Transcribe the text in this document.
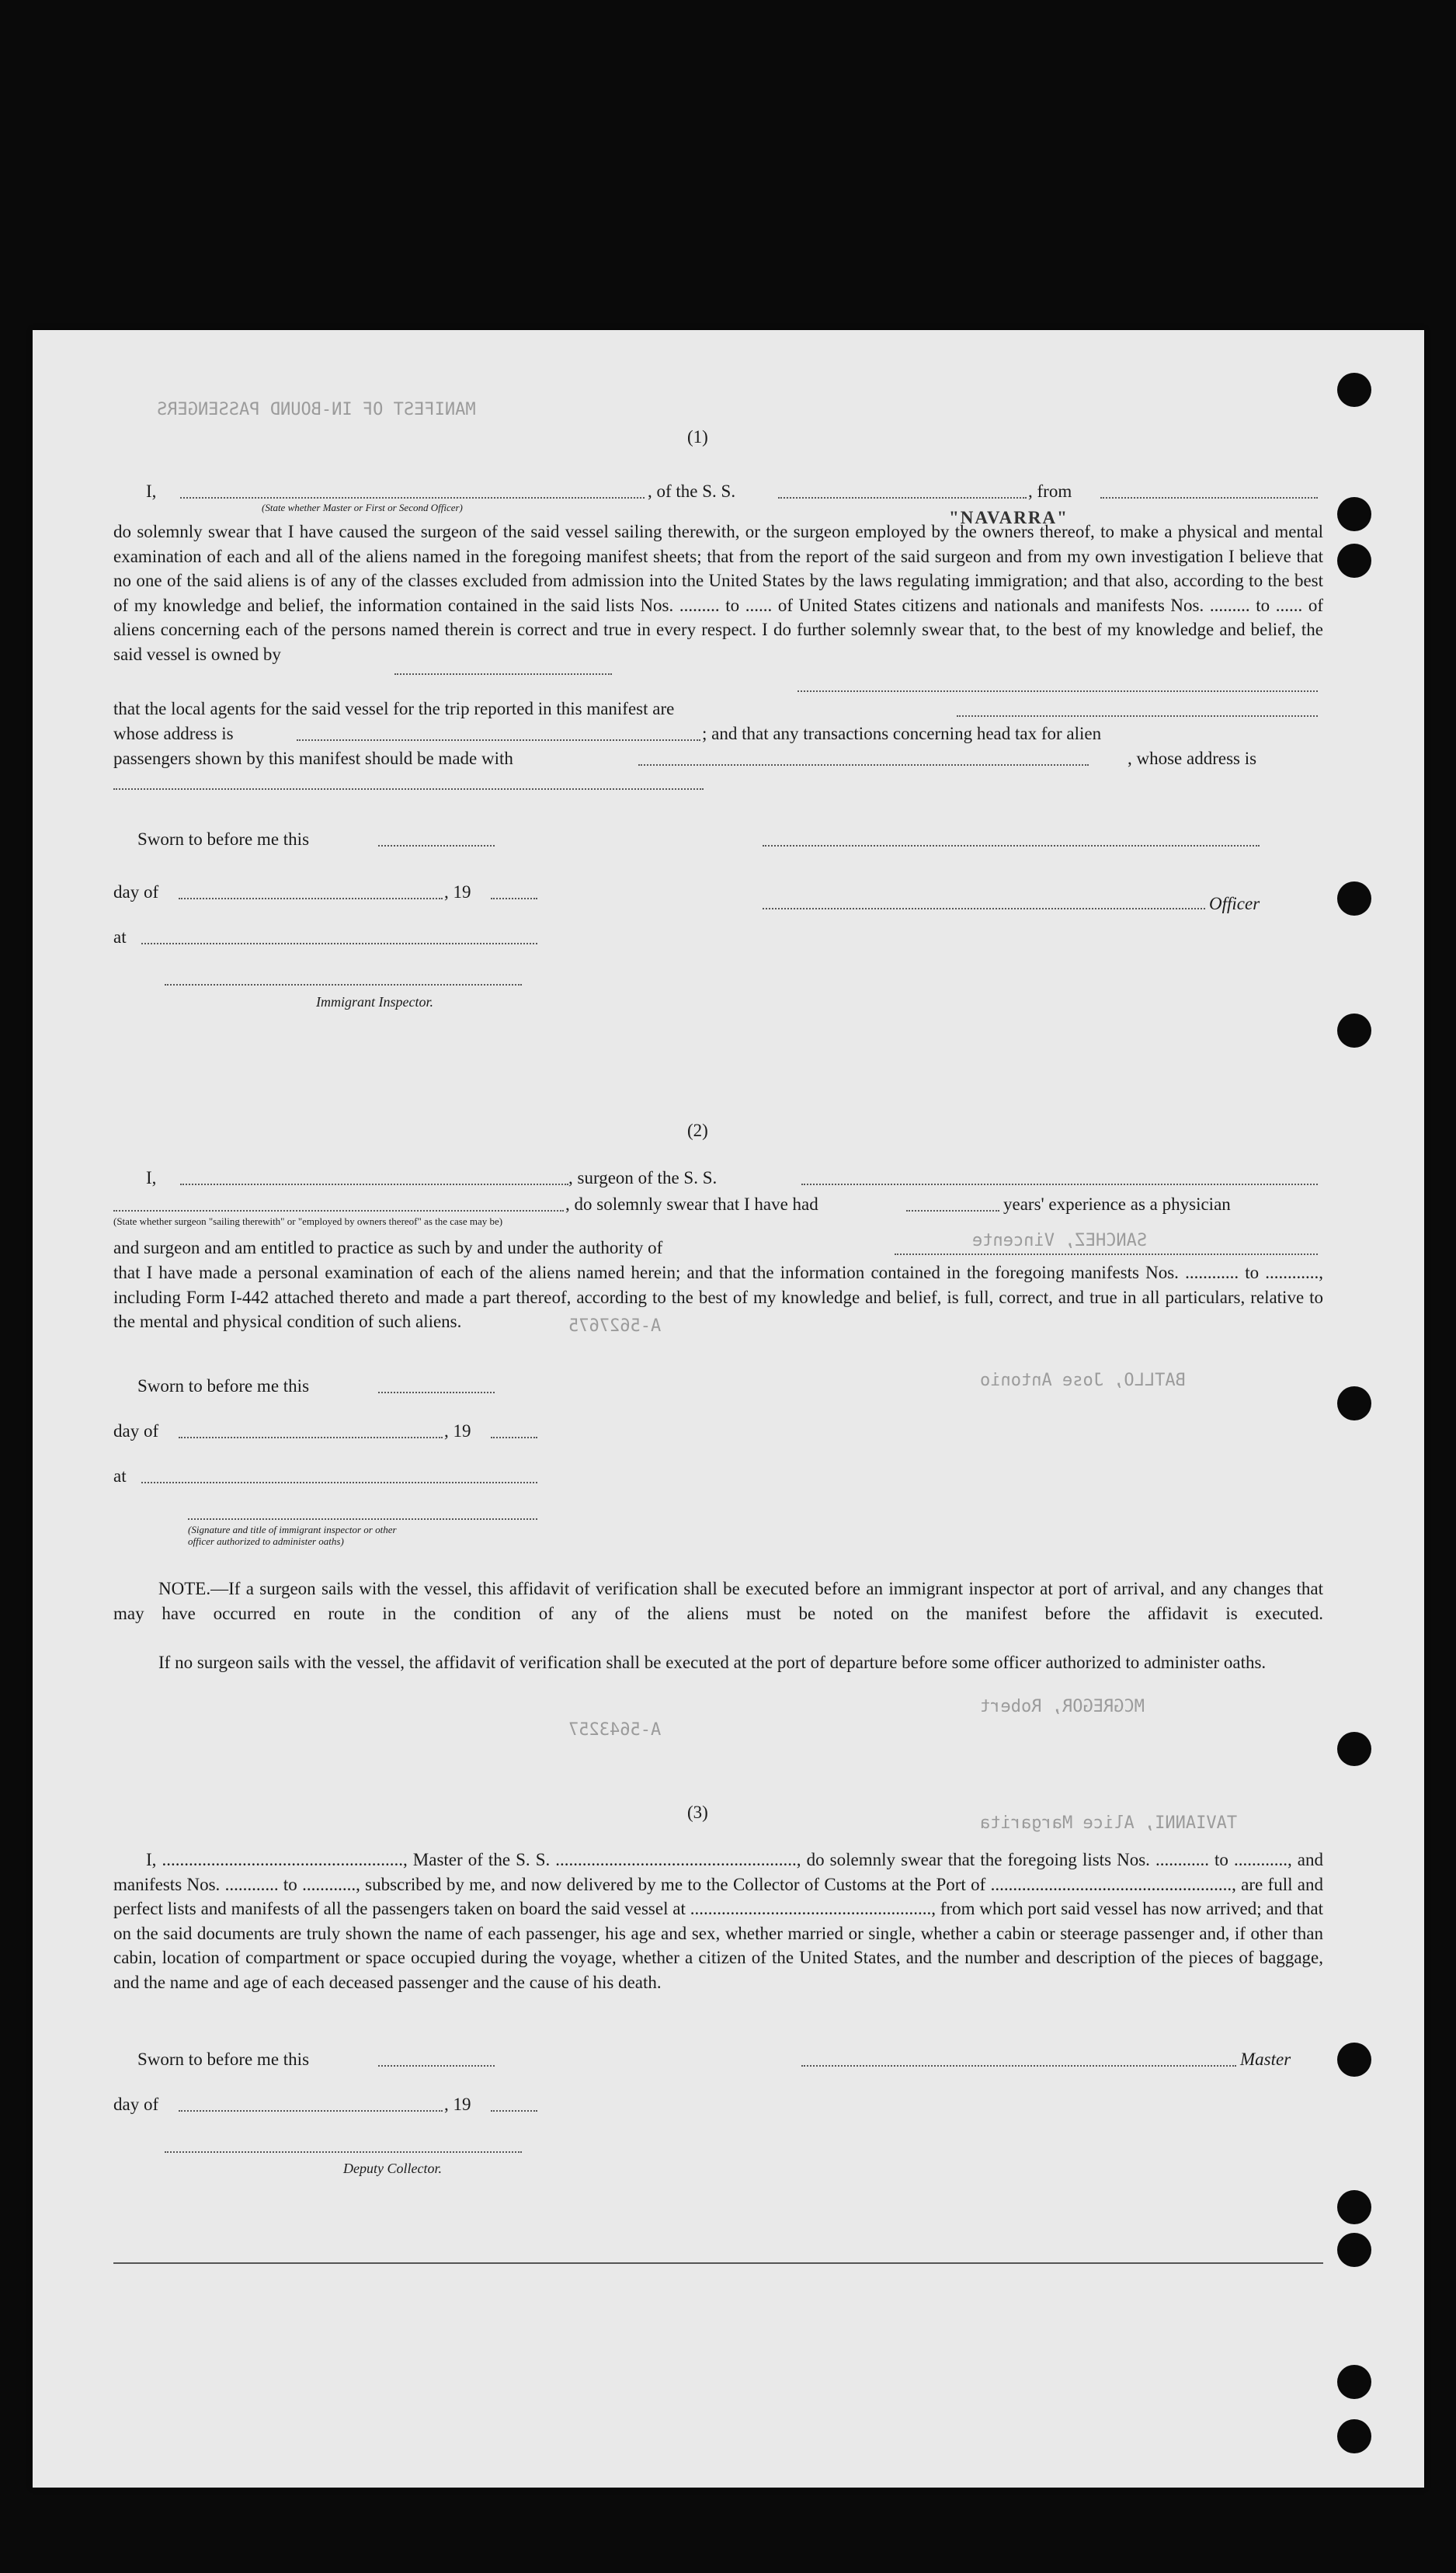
MANIFEST OF IN-BOUND PASSENGERS
SANCHEZ, Vincente
BATLLO, Jose Antonio
MCGREGOR, Robert
TAVIANNI, Alice Margarita
A-5627675
A-5643257
(1)
I,	, of the S. S.	, from
(State whether Master or First or Second Officer)
"NAVARRA"
do solemnly swear that I have caused the surgeon of the said vessel sailing therewith, or the surgeon employed by the owners thereof, to make a physical and mental examination of each and all of the aliens named in the foregoing manifest sheets; that from the report of the said surgeon and from my own investigation I believe that no one of the said aliens is of any of the classes excluded from admission into the United States by the laws regulating immigration; and that also, according to the best of my knowledge and belief, the information contained in the said lists Nos. ......... to ...... of United States citizens and nationals and manifests Nos. ......... to ...... of aliens concerning each of the persons named therein is correct and true in every respect. I do further solemnly swear that, to the best of my knowledge and belief, the said vessel is owned by
that the local agents for the said vessel for the trip reported in this manifest are
whose address is	; and that any transactions concerning head tax for alien
passengers shown by this manifest should be made with	, whose address is
Sworn to before me this
day of	, 19
Officer
at
Immigrant Inspector.
(2)
I,	, surgeon of the S. S.
, do solemnly swear that I have had	years' experience as a physician
(State whether surgeon "sailing therewith" or "employed by owners thereof" as the case may be)
and surgeon and am entitled to practice as such by and under the authority of
that I have made a personal examination of each of the aliens named herein; and that the information contained in the foregoing manifests Nos. ............ to ............, including Form I-442 attached thereto and made a part thereof, according to the best of my knowledge and belief, is full, correct, and true in all particulars, relative to the mental and physical condition of such aliens.
Sworn to before me this
day of	, 19
at
(Signature and title of immigrant inspector or other officer authorized to administer oaths)
NOTE.—If a surgeon sails with the vessel, this affidavit of verification shall be executed before an immigrant inspector at port of arrival, and any changes that may have occurred en route in the condition of any of the aliens must be noted on the manifest before the affidavit is executed.
If no surgeon sails with the vessel, the affidavit of verification shall be executed at the port of departure before some officer authorized to administer oaths.
(3)
I, ......................................................, Master of the S. S. ......................................................, do solemnly swear that the foregoing lists Nos. ............ to ............, and manifests Nos. ............ to ............, subscribed by me, and now delivered by me to the Collector of Customs at the Port of ......................................................, are full and perfect lists and manifests of all the passengers taken on board the said vessel at ......................................................, from which port said vessel has now arrived; and that on the said documents are truly shown the name of each passenger, his age and sex, whether married or single, whether a cabin or steerage passenger and, if other than cabin, location of compartment or space occupied during the voyage, whether a citizen of the United States, and the number and description of the pieces of baggage, and the name and age of each deceased passenger and the cause of his death.
Sworn to before me this	Master
day of	, 19
Deputy Collector.
